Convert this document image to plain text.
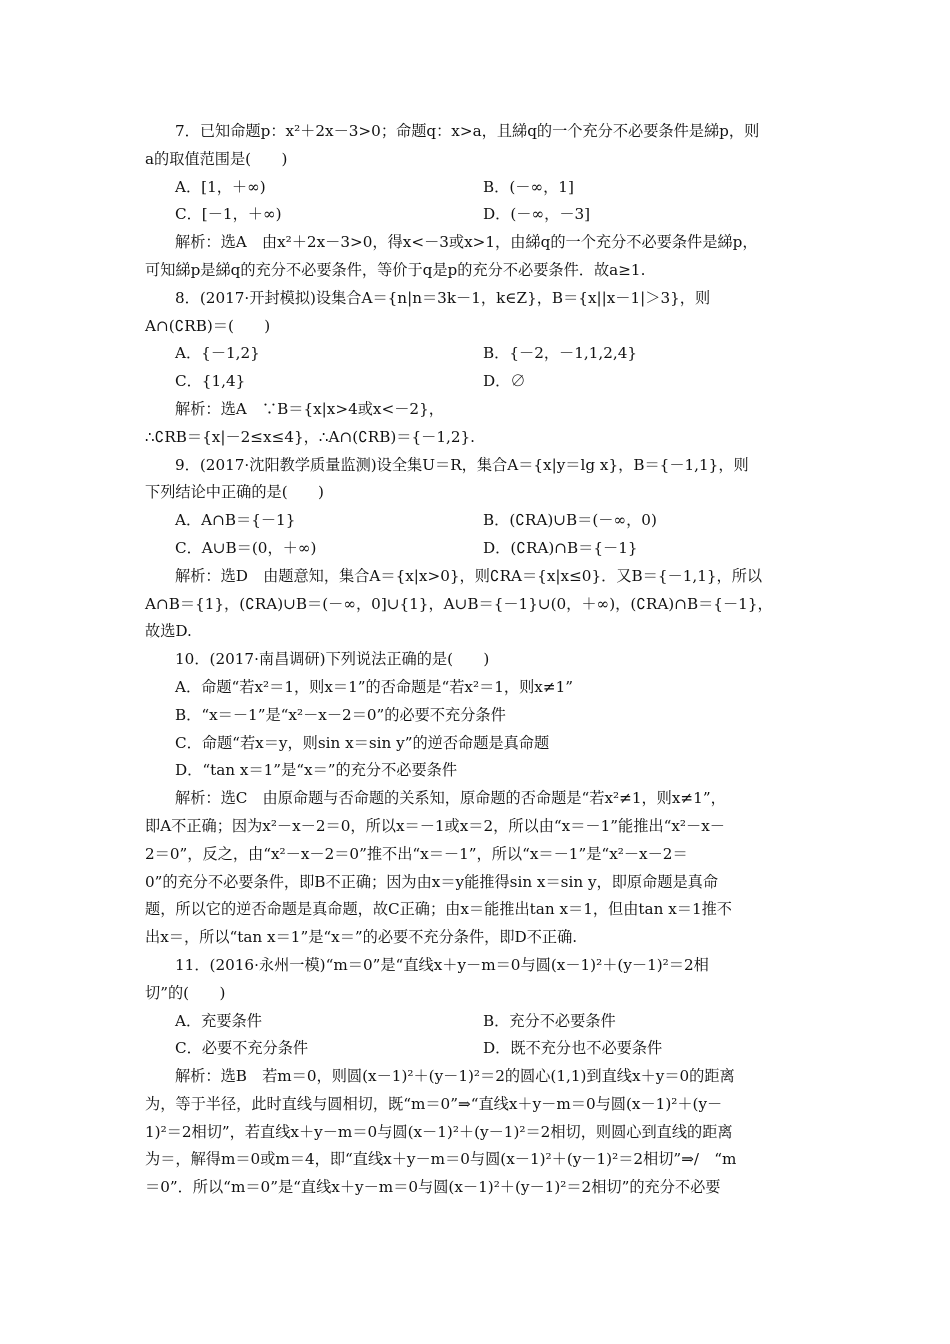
7．已知命题p：x²＋2x－3>0；命题q：x>a，且綈q的一个充分不必要条件是綈p，则
a的取值范围是(　　)
A．[1，＋∞)	B．(－∞，1]
C．[－1，＋∞)	D．(－∞，－3]
解析：选A　由x²＋2x－3>0，得x<－3或x>1，由綈q的一个充分不必要条件是綈p，
可知綈p是綈q的充分不必要条件，等价于q是p的充分不必要条件．故a≥1.
8．(2017·开封模拟)设集合A＝{n|n＝3k－1，k∈Z}，B＝{x||x－1|＞3}，则
A∩(∁RB)＝(　　)
A．{－1,2}	B．{－2，－1,1,2,4}
C．{1,4}	D．∅
解析：选A　∵B＝{x|x>4或x<－2}，
∴∁RB＝{x|－2≤x≤4}，∴A∩(∁RB)＝{－1,2}.
9．(2017·沈阳教学质量监测)设全集U＝R，集合A＝{x|y＝lg x}，B＝{－1,1}，则
下列结论中正确的是(　　)
A．A∩B＝{－1}	B．(∁RA)∪B＝(－∞，0)
C．A∪B＝(0，＋∞)	D．(∁RA)∩B＝{－1}
解析：选D　由题意知，集合A＝{x|x>0}，则∁RA＝{x|x≤0}．又B＝{－1,1}，所以
A∩B＝{1}，(∁RA)∪B＝(－∞，0]∪{1}，A∪B＝{－1}∪(0，＋∞)，(∁RA)∩B＝{－1}，
故选D.
10．(2017·南昌调研)下列说法正确的是(　　)
A．命题“若x²＝1，则x＝1”的否命题是“若x²＝1，则x≠1”
B．“x＝－1”是“x²－x－2＝0”的必要不充分条件
C．命题“若x＝y，则sin x＝sin y”的逆否命题是真命题
D．“tan x＝1”是“x＝”的充分不必要条件
解析：选C　由原命题与否命题的关系知，原命题的否命题是“若x²≠1，则x≠1”，
即A不正确；因为x²－x－2＝0，所以x＝－1或x＝2，所以由“x＝－1”能推出“x²－x－
2＝0”，反之，由“x²－x－2＝0”推不出“x＝－1”，所以“x＝－1”是“x²－x－2＝
0”的充分不必要条件，即B不正确；因为由x＝y能推得sin x＝sin y，即原命题是真命
题，所以它的逆否命题是真命题，故C正确；由x＝能推出tan x＝1，但由tan x＝1推不
出x＝，所以“tan x＝1”是“x＝”的必要不充分条件，即D不正确.
11．(2016·永州一模)“m＝0”是“直线x＋y－m＝0与圆(x－1)²＋(y－1)²＝2相
切”的(　　)
A．充要条件	B．充分不必要条件
C．必要不充分条件	D．既不充分也不必要条件
解析：选B　若m＝0，则圆(x－1)²＋(y－1)²＝2的圆心(1,1)到直线x＋y＝0的距离
为，等于半径，此时直线与圆相切，既“m＝0”⇒“直线x＋y－m＝0与圆(x－1)²＋(y－
1)²＝2相切”，若直线x＋y－m＝0与圆(x－1)²＋(y－1)²＝2相切，则圆心到直线的距离
为＝，解得m＝0或m＝4，即“直线x＋y－m＝0与圆(x－1)²＋(y－1)²＝2相切”⇒/　“m
＝0”．所以“m＝0”是“直线x＋y－m＝0与圆(x－1)²＋(y－1)²＝2相切”的充分不必要
